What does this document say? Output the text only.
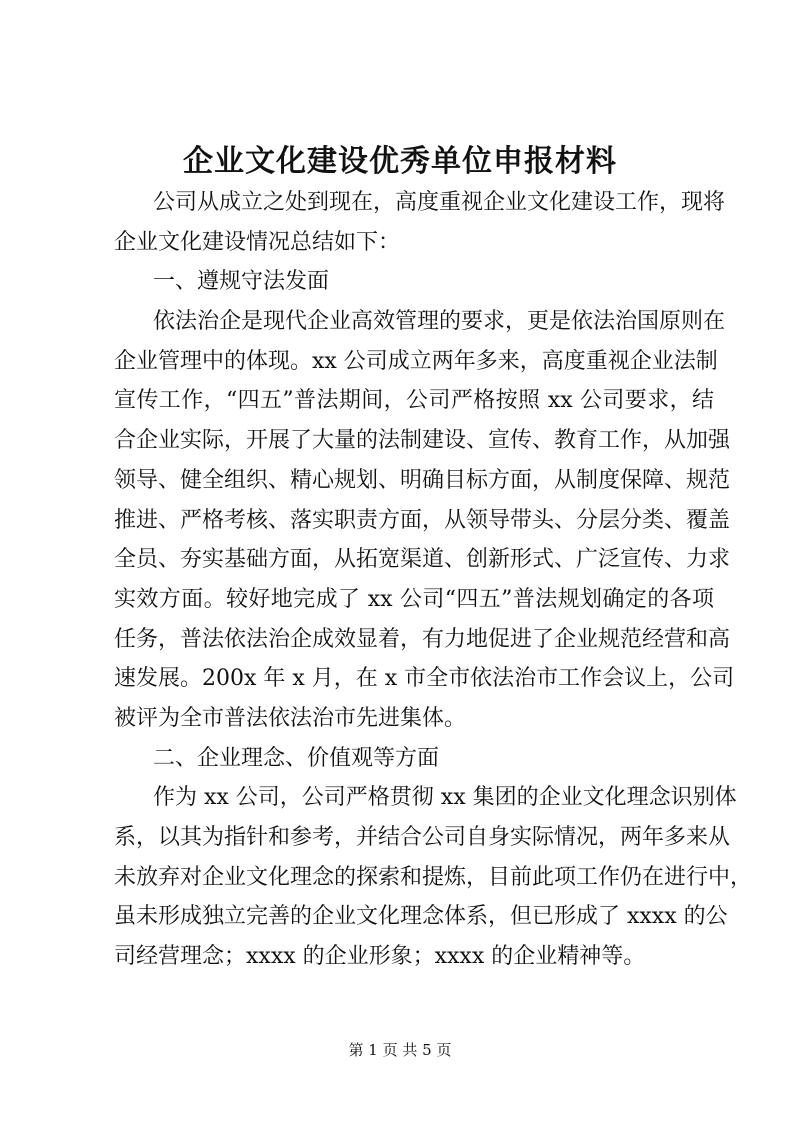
企业文化建设优秀单位申报材料
公司从成立之处到现在，高度重视企业文化建设工作，现将
企业文化建设情况总结如下：
一、遵规守法发面
依法治企是现代企业高效管理的要求，更是依法治国原则在
企业管理中的体现。xx 公司成立两年多来，高度重视企业法制
宣传工作，“四五”普法期间，公司严格按照 xx 公司要求，结
合企业实际，开展了大量的法制建设、宣传、教育工作，从加强
领导、健全组织、精心规划、明确目标方面，从制度保障、规范
推进、严格考核、落实职责方面，从领导带头、分层分类、覆盖
全员、夯实基础方面，从拓宽渠道、创新形式、广泛宣传、力求
实效方面。较好地完成了 xx 公司“四五”普法规划确定的各项
任务，普法依法治企成效显着，有力地促进了企业规范经营和高
速发展。200x 年 x 月，在 x 市全市依法治市工作会议上，公司
被评为全市普法依法治市先进集体。
二、企业理念、价值观等方面
作为 xx 公司，公司严格贯彻 xx 集团的企业文化理念识别体
系，以其为指针和参考，并结合公司自身实际情况，两年多来从
未放弃对企业文化理念的探索和提炼，目前此项工作仍在进行中，
虽未形成独立完善的企业文化理念体系，但已形成了 xxxx 的公
司经营理念；xxxx 的企业形象；xxxx 的企业精神等。
第 1 页 共 5 页
